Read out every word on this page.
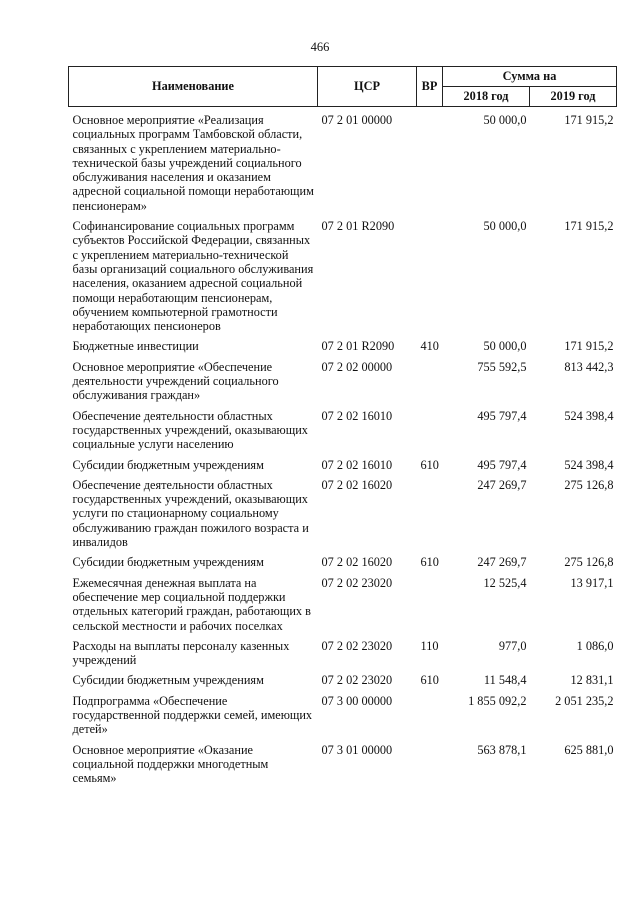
466
Наименование	ЦСР	ВР	Сумма на	
			2018 год	2019 год

Основное мероприятие «Реализация социальных программ Тамбовской области, связанных с укреплением материально-технической базы учреждений социального обслуживания населения и оказанием адресной социальной помощи неработающим пенсионерам»	07 2 01 00000		50 000,0	171 915,2

Софинансирование социальных программ субъектов Российской Федерации, связанных с укреплением материально-технической базы организаций социального обслуживания населения, оказанием адресной социальной помощи неработающим пенсионерам, обучением компьютерной грамотности неработающих пенсионеров	07 2 01 R2090		50 000,0	171 915,2

Бюджетные инвестиции	07 2 01 R2090	410	50 000,0	171 915,2

Основное мероприятие «Обеспечение деятельности учреждений социального обслуживания граждан»	07 2 02 00000		755 592,5	813 442,3

Обеспечение деятельности областных государственных учреждений, оказывающих социальные услуги населению	07 2 02 16010		495 797,4	524 398,4

Субсидии бюджетным учреждениям	07 2 02 16010	610	495 797,4	524 398,4

Обеспечение деятельности областных государственных учреждений, оказывающих услуги по стационарному социальному обслуживанию граждан пожилого возраста и инвалидов	07 2 02 16020		247 269,7	275 126,8

Субсидии бюджетным учреждениям	07 2 02 16020	610	247 269,7	275 126,8

Ежемесячная денежная выплата на обеспечение мер социальной поддержки отдельных категорий граждан, работающих в сельской местности и рабочих поселках	07 2 02 23020		12 525,4	13 917,1

Расходы на выплаты персоналу казенных учреждений	07 2 02 23020	110	977,0	1 086,0

Субсидии бюджетным учреждениям	07 2 02 23020	610	11 548,4	12 831,1

Подпрограмма «Обеспечение государственной поддержки семей, имеющих детей»	07 3 00 00000		1 855 092,2	2 051 235,2

Основное мероприятие «Оказание социальной поддержки многодетным семьям»	07 3 01 00000		563 878,1	625 881,0
